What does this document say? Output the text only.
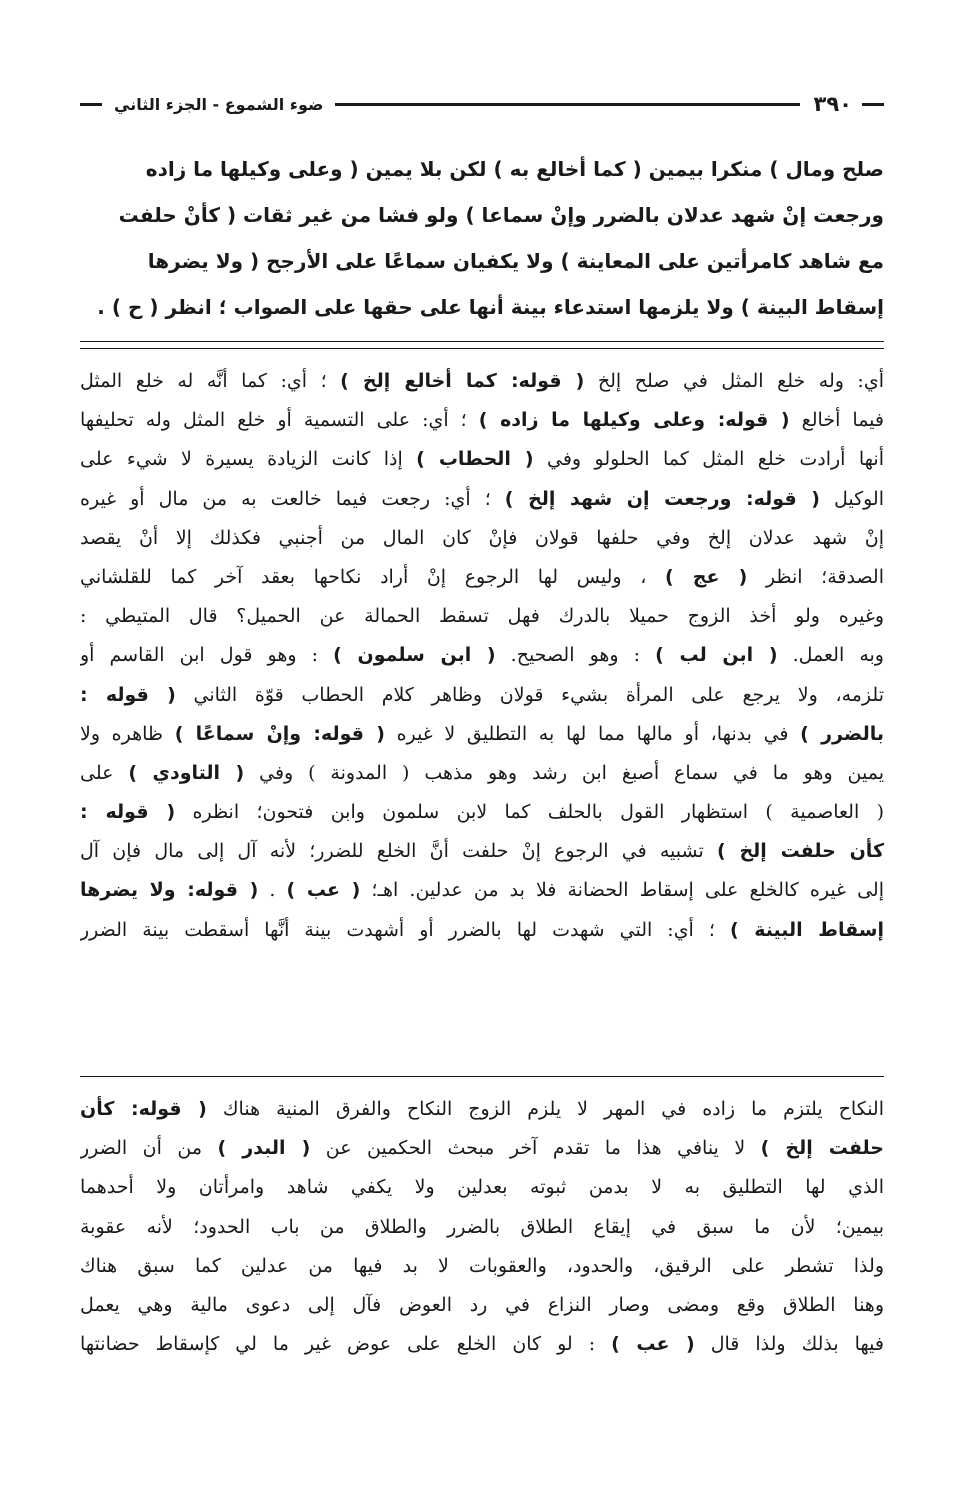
٣٩٠
ضوء الشموع - الجزء الثاني
صلح ومال ) منكرا بيمين ( كما أخالع به ) لكن بلا يمين ( وعلى وكيلها ما زاده
ورجعت إنْ شهد عدلان بالضرر وإنْ سماعا ) ولو فشا من غير ثقات ( كأنْ حلفت
مع شاهد كامرأتين على المعاينة ) ولا يكفيان سماعًا على الأرجح ( ولا يضرها
إسقاط البينة ) ولا يلزمها استدعاء بينة أنها على حقها على الصواب ؛ انظر ( ح ) .
أي: وله خلع المثل في صلح إلخ ( قوله: كما أخالع إلخ ) ؛ أي: كما أنَّه له خلع المثل
فيما أخالع ( قوله: وعلى وكيلها ما زاده ) ؛ أي: على التسمية أو خلع المثل وله تحليفها
أنها أرادت خلع المثل كما الحلولو وفي ( الحطاب ) إذا كانت الزيادة يسيرة لا شيء على
الوكيل ( قوله: ورجعت إن شهد إلخ ) ؛ أي: رجعت فيما خالعت به من مال أو غيره
إنْ شهد عدلان إلخ وفي حلفها قولان فإنْ كان المال من أجنبي فكذلك إلا أنْ يقصد
الصدقة؛ انظر ( عج ) ، وليس لها الرجوع إنْ أراد نكاحها بعقد آخر كما للقلشاني
وغيره ولو أخذ الزوج حميلا بالدرك فهل تسقط الحمالة عن الحميل؟ قال المتيطي :
وبه العمل. ( ابن لب ) : وهو الصحيح. ( ابن سلمون ) : وهو قول ابن القاسم أو
تلزمه، ولا يرجع على المرأة بشيء قولان وظاهر كلام الحطاب قوّة الثاني ( قوله :
بالضرر ) في بدنها، أو مالها مما لها به التطليق لا غيره ( قوله: وإنْ سماعًا ) ظاهره ولا
يمين وهو ما في سماع أصبغ ابن رشد وهو مذهب ( المدونة ) وفي ( التاودي ) على
( العاصمية ) استظهار القول بالحلف كما لابن سلمون وابن فتحون؛ انظره ( قوله :
كأن حلفت إلخ ) تشبيه في الرجوع إنْ حلفت أنَّ الخلع للضرر؛ لأنه آل إلى مال فإن آل
إلى غيره كالخلع على إسقاط الحضانة فلا بد من عدلين. اهـ؛ ( عب ) . ( قوله: ولا يضرها
إسقاط البينة ) ؛ أي: التي شهدت لها بالضرر أو أشهدت بينة أنَّها أسقطت بينة الضرر
النكاح يلتزم ما زاده في المهر لا يلزم الزوج النكاح والفرق المنية هناك ( قوله: كأن
حلفت إلخ ) لا ينافي هذا ما تقدم آخر مبحث الحكمين عن ( البدر ) من أن الضرر
الذي لها التطليق به لا بدمن ثبوته بعدلين ولا يكفي شاهد وامرأتان ولا أحدهما
بيمين؛ لأن ما سبق في إيقاع الطلاق بالضرر والطلاق من باب الحدود؛ لأنه عقوبة
ولذا تشطر على الرقيق، والحدود، والعقوبات لا بد فيها من عدلين كما سبق هناك
وهنا الطلاق وقع ومضى وصار النزاع في رد العوض فآل إلى دعوى مالية وهي يعمل
فيها بذلك ولذا قال ( عب ) : لو كان الخلع على عوض غير ما لي كإسقاط حضانتها
